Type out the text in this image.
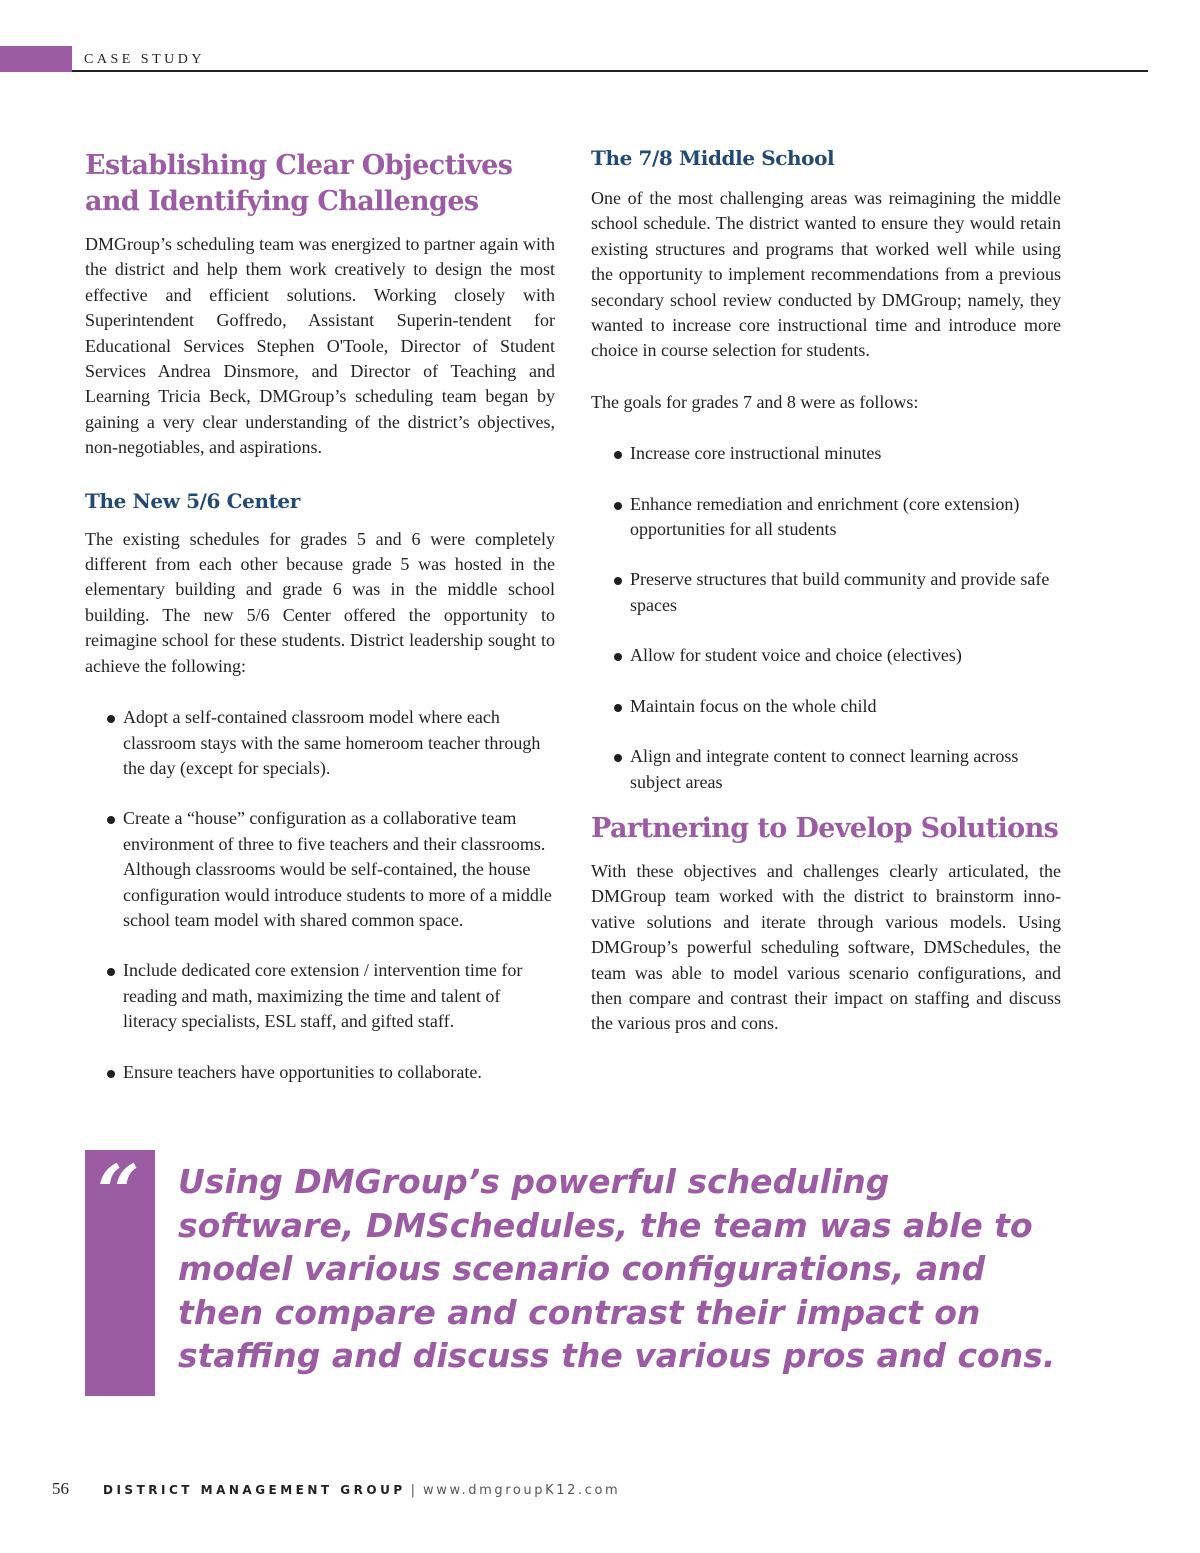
CASE STUDY
Establishing Clear Objectives and Identifying Challenges

DMGroup’s scheduling team was energized to partner again with the district and help them work creatively to design the most effective and efficient solutions. Working closely with Superintendent Goffredo, Assistant Superin-tendent for Educational Services Stephen O'Toole, Director of Student Services Andrea Dinsmore, and Director of Teaching and Learning Tricia Beck, DMGroup’s scheduling team began by gaining a very clear understanding of the district’s objectives, non-negotiables, and aspirations.

The New 5/6 Center

The existing schedules for grades 5 and 6 were completely different from each other because grade 5 was hosted in the elementary building and grade 6 was in the middle school building. The new 5/6 Center offered the opportunity to reimagine school for these students. District leadership sought to achieve the following:

Adopt a self-contained classroom model where each classroom stays with the same homeroom teacher through the day (except for specials).
Create a “house” configuration as a collaborative team environment of three to five teachers and their classrooms. Although classrooms would be self-contained, the house configuration would introduce students to more of a middle school team model with shared common space.
Include dedicated core extension / intervention time for reading and math, maximizing the time and talent of literacy specialists, ESL staff, and gifted staff.
Ensure teachers have opportunities to collaborate.
The 7/8 Middle School

One of the most challenging areas was reimagining the middle school schedule. The district wanted to ensure they would retain existing structures and programs that worked well while using the opportunity to implement recommendations from a previous secondary school review conducted by DMGroup; namely, they wanted to increase core instructional time and introduce more choice in course selection for students.

The goals for grades 7 and 8 were as follows:

Increase core instructional minutes
Enhance remediation and enrichment (core extension) opportunities for all students
Preserve structures that build community and provide safe spaces
Allow for student voice and choice (electives)
Maintain focus on the whole child
Align and integrate content to connect learning across subject areas
Partnering to Develop Solutions

With these objectives and challenges clearly articulated, the DMGroup team worked with the district to brainstorm inno-vative solutions and iterate through various models. Using DMGroup’s powerful scheduling software, DMSchedules, the team was able to model various scenario configurations, and then compare and contrast their impact on staffing and discuss the various pros and cons.

“ Using DMGroup’s powerful scheduling software, DMSchedules, the team was able to model various scenario configurations, and then compare and contrast their impact on staffing and discuss the various pros and cons.
56	DISTRICT MANAGEMENT GROUP | www.dmgroupK12.com
